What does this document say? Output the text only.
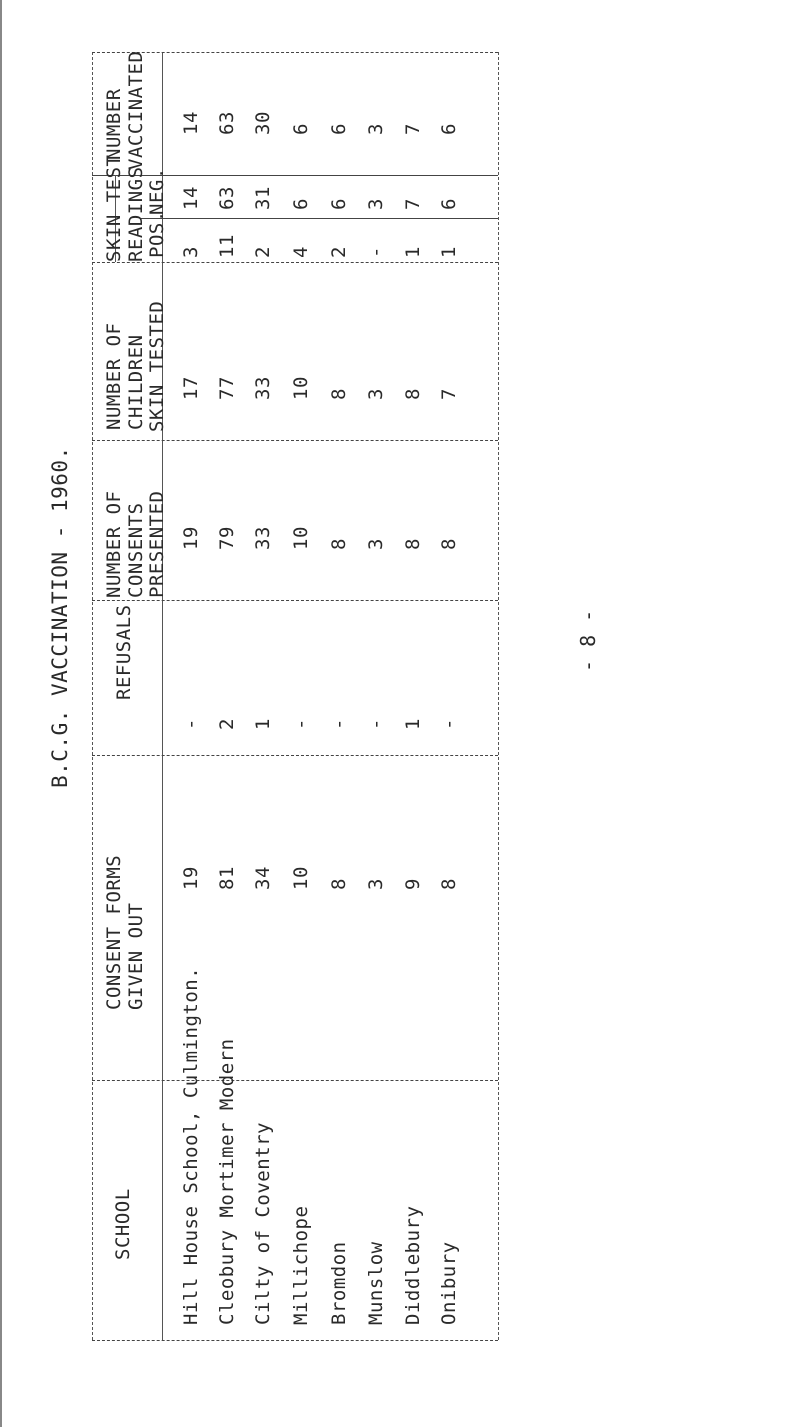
B.C.G. VACCINATION - 1960.	- 8 -
NUMBER VACCINATED
SKIN TEST READINGS NEG.
POS.
NUMBER OF CHILDREN SKIN TESTED
NUMBER OF CONSENTS PRESENTED
REFUSALS
CONSENT FORMS GIVEN OUT
SCHOOL
14
14
3
17
19
-
19
Hill House School, Culmington.
63
63
11
77
79
2
81
Cleobury Mortimer Modern
30
31
2
33
33
1
34
Cilty of Coventry
6
6
4
10
10
-
10
Millichope
6
6
2
8
8
-
8
Bromdon
3
3
-
3
3
-
3
Munslow
7
7
1
8
8
1
9
Diddlebury
6
6
1
7
8
-
8
Onibury
